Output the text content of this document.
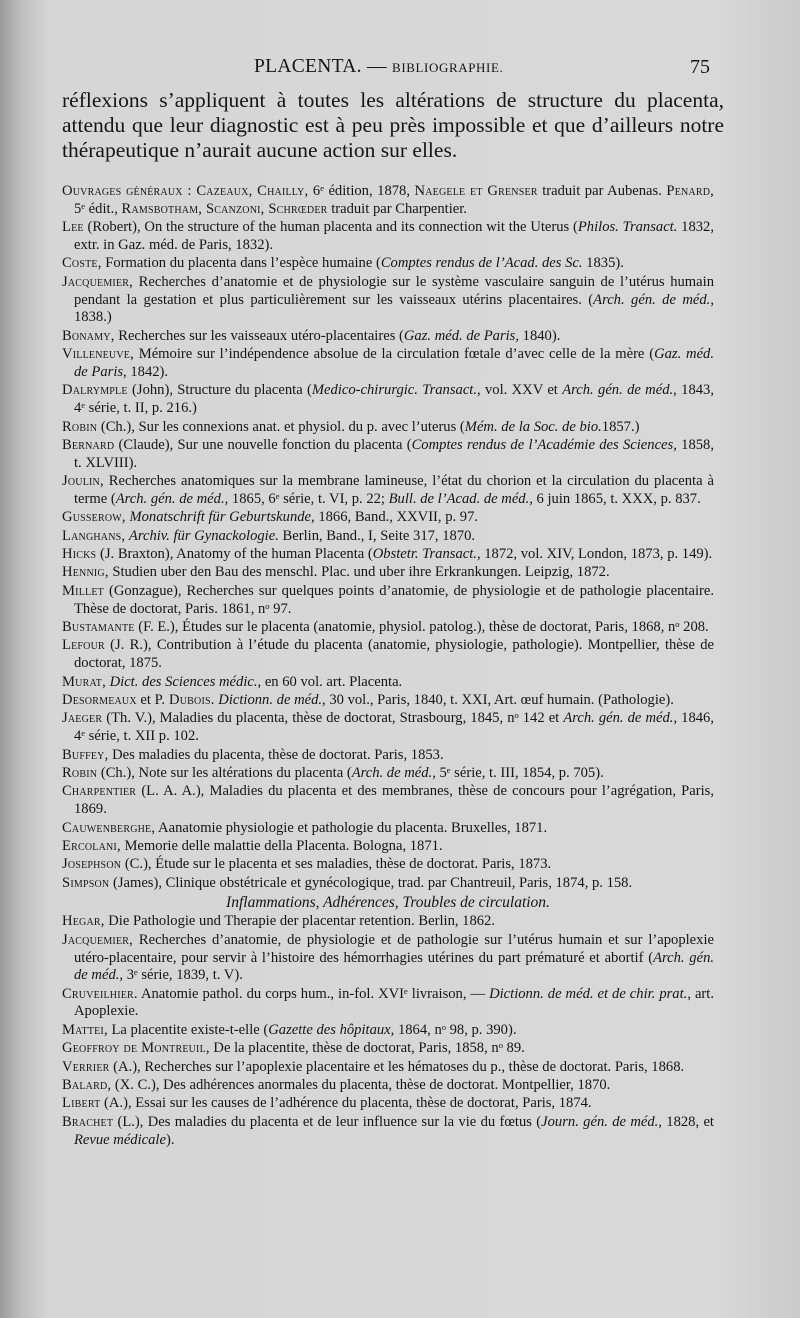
PLACENTA. — BIBLIOGRAPHIE.	75

réflexions s’appliquent à toutes les altérations de structure du placenta, attendu que leur diagnostic est à peu près impossible et que d’ailleurs notre thérapeutique n’aurait aucune action sur elles.

Ouvrages généraux : Cazeaux, Chailly, 6ᵉ édition, 1878, Naegele et Grenser traduit par Aubenas. Penard, 5ᵉ édit., Ramsbotham, Scanzoni, Schrœder traduit par Charpentier.

Lee (Robert), On the structure of the human placenta and its connection wit the Uterus (Philos. Transact. 1832, extr. in Gaz. méd. de Paris, 1832).

Coste, Formation du placenta dans l’espèce humaine (Comptes rendus de l’Acad. des Sc. 1835).

Jacquemier, Recherches d’anatomie et de physiologie sur le système vasculaire sanguin de l’utérus humain pendant la gestation et plus particulièrement sur les vaisseaux utérins placentaires. (Arch. gén. de méd., 1838.)

Bonamy, Recherches sur les vaisseaux utéro-placentaires (Gaz. méd. de Paris, 1840).

Villeneuve, Mémoire sur l’indépendence absolue de la circulation fœtale d’avec celle de la mère (Gaz. méd. de Paris, 1842).

Dalrymple (John), Structure du placenta (Medico-chirurgic. Transact., vol. XXV et Arch. gén. de méd., 1843, 4ᵉ série, t. II, p. 216.)

Robin (Ch.), Sur les connexions anat. et physiol. du p. avec l’uterus (Mém. de la Soc. de bio.1857.)

Bernard (Claude), Sur une nouvelle fonction du placenta (Comptes rendus de l’Académie des Sciences, 1858, t. XLVIII).

Joulin, Recherches anatomiques sur la membrane lamineuse, l’état du chorion et la circulation du placenta à terme (Arch. gén. de méd., 1865, 6ᵉ série, t. VI, p. 22; Bull. de l’Acad. de méd., 6 juin 1865, t. XXX, p. 837.

Gusserow, Monatschrift für Geburtskunde, 1866, Band., XXVII, p. 97.

Langhans, Archiv. für Gynackologie. Berlin, Band., I, Seite 317, 1870.

Hicks (J. Braxton), Anatomy of the human Placenta (Obstetr. Transact., 1872, vol. XIV, London, 1873, p. 149).

Hennig, Studien uber den Bau des menschl. Plac. und uber ihre Erkrankungen. Leipzig, 1872.

Millet (Gonzague), Recherches sur quelques points d’anatomie, de physiologie et de pathologie placentaire. Thèse de doctorat, Paris. 1861, nᵒ 97.

Bustamante (F. E.), Études sur le placenta (anatomie, physiol. patolog.), thèse de doctorat, Paris, 1868, nᵒ 208.

Lefour (J. R.), Contribution à l’étude du placenta (anatomie, physiologie, pathologie). Montpellier, thèse de doctorat, 1875.

Murat, Dict. des Sciences médic., en 60 vol. art. Placenta.

Desormeaux et P. Dubois. Dictionn. de méd., 30 vol., Paris, 1840, t. XXI, Art. œuf humain. (Pathologie).

Jaeger (Th. V.), Maladies du placenta, thèse de doctorat, Strasbourg, 1845, nᵒ 142 et Arch. gén. de méd., 1846, 4ᵉ série, t. XII p. 102.

Buffey, Des maladies du placenta, thèse de doctorat. Paris, 1853.

Robin (Ch.), Note sur les altérations du placenta (Arch. de méd., 5ᵉ série, t. III, 1854, p. 705).

Charpentier (L. A. A.), Maladies du placenta et des membranes, thèse de concours pour l’agrégation, Paris, 1869.

Cauwenberghe, Aanatomie physiologie et pathologie du placenta. Bruxelles, 1871.

Ercolani, Memorie delle malattie della Placenta. Bologna, 1871.

Josephson (C.), Étude sur le placenta et ses maladies, thèse de doctorat. Paris, 1873.

Simpson (James), Clinique obstétricale et gynécologique, trad. par Chantreuil, Paris, 1874, p. 158.

Inflammations, Adhérences, Troubles de circulation.

Hegar, Die Pathologie und Therapie der placentar retention. Berlin, 1862.

Jacquemier, Recherches d’anatomie, de physiologie et de pathologie sur l’utérus humain et sur l’apoplexie utéro-placentaire, pour servir à l’histoire des hémorrhagies utérines du part prématuré et abortif (Arch. gén. de méd., 3ᵉ série, 1839, t. V).

Cruveilhier. Anatomie pathol. du corps hum., in-fol. XVIᵉ livraison, — Dictionn. de méd. et de chir. prat., art. Apoplexie.

Mattei, La placentite existe-t-elle (Gazette des hôpitaux, 1864, nᵒ 98, p. 390).

Geoffroy de Montreuil, De la placentite, thèse de doctorat, Paris, 1858, nᵒ 89.

Verrier (A.), Recherches sur l’apoplexie placentaire et les hématoses du p., thèse de doctorat. Paris, 1868.

Balard, (X. C.), Des adhérences anormales du placenta, thèse de doctorat. Montpellier, 1870.

Libert (A.), Essai sur les causes de l’adhérence du placenta, thèse de doctorat, Paris, 1874.

Brachet (L.), Des maladies du placenta et de leur influence sur la vie du fœtus (Journ. gén. de méd., 1828, et Revue médicale).
